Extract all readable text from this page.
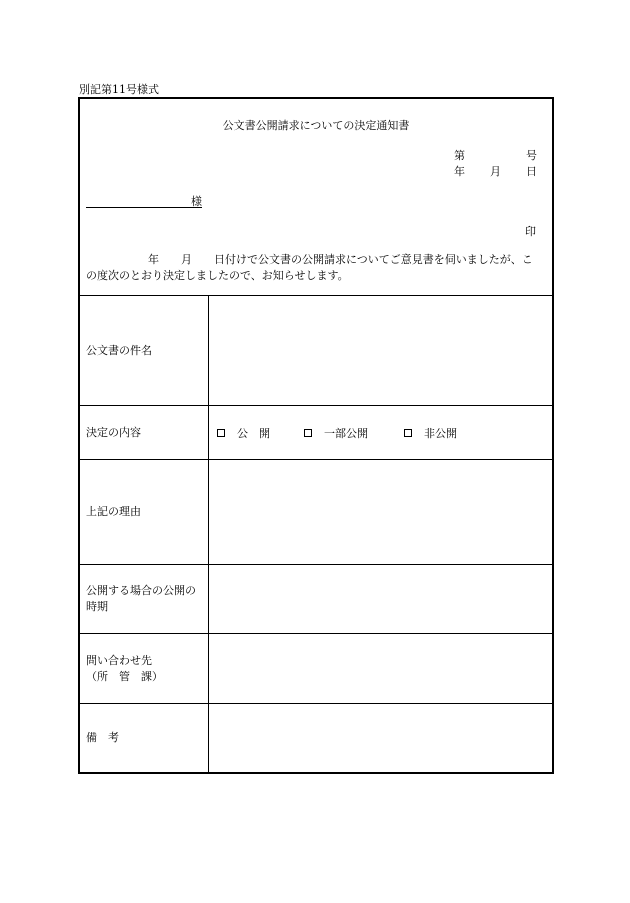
別記第11号様式
公文書公開請求についての決定通知書
第	号
年 月 日
様
印
年　　月　　日付けで公文書の公開請求についてご意見書を伺いましたが、こ
の度次のとおり決定しましたので、お知らせします。
公文書の件名	
決定の内容	公　開 一部公開 非公開

上記の理由	

公開する場合の公開の
時期	

問い合わせ先
（所　管　課）	

備　考	
